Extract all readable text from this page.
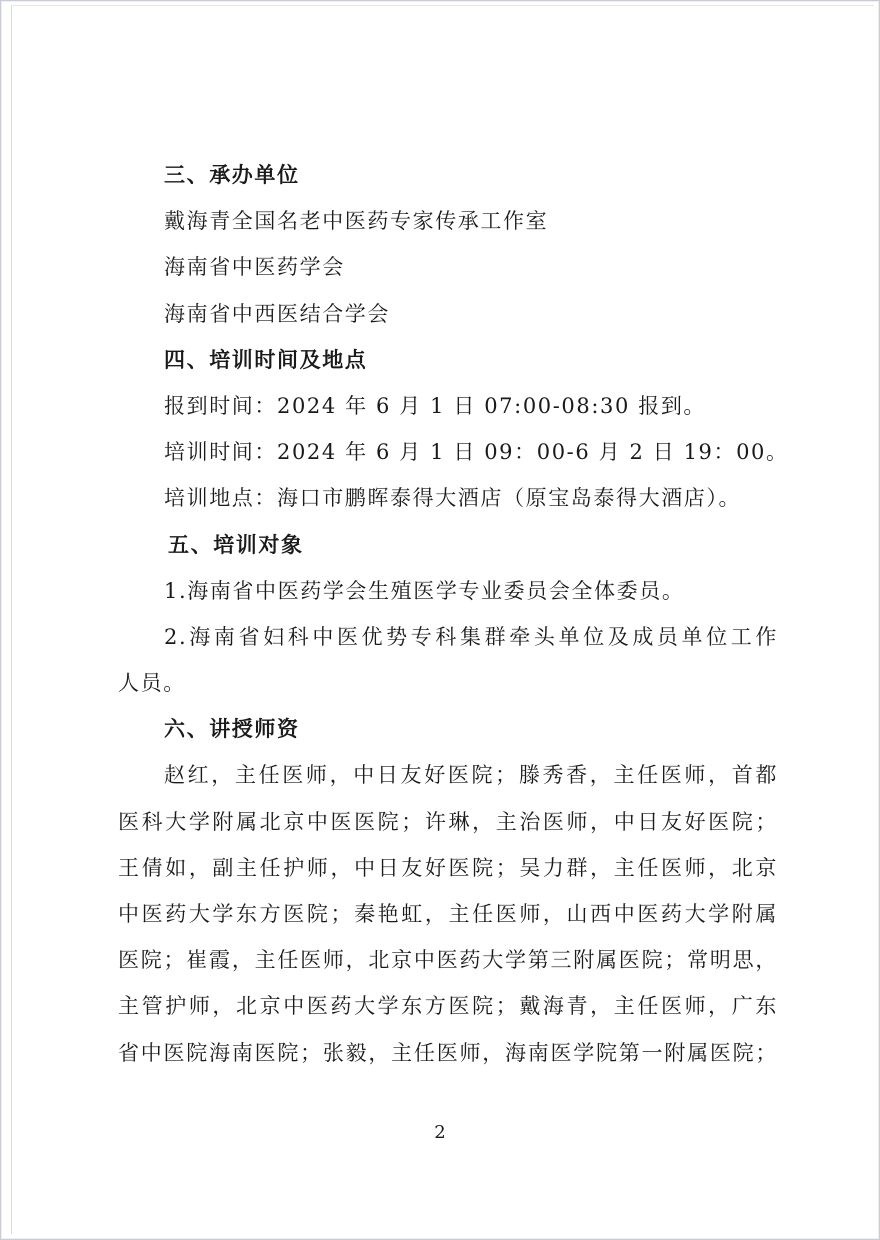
三、承办单位
戴海青全国名老中医药专家传承工作室
海南省中医药学会
海南省中西医结合学会
四、培训时间及地点
报到时间：2024 年 6 月 1 日 07:00-08:30 报到。
培训时间：2024 年 6 月 1 日 09：00-6 月 2 日 19：00。
培训地点：海口市鹏晖泰得大酒店（原宝岛泰得大酒店）。
五、培训对象
1.海南省中医药学会生殖医学专业委员会全体委员。
2.海南省妇科中医优势专科集群牵头单位及成员单位工作
人员。
六、讲授师资
赵红，主任医师，中日友好医院；滕秀香，主任医师，首都
医科大学附属北京中医医院；许琳，主治医师，中日友好医院；
王倩如，副主任护师，中日友好医院；吴力群，主任医师，北京
中医药大学东方医院；秦艳虹，主任医师，山西中医药大学附属
医院；崔霞，主任医师，北京中医药大学第三附属医院；常明思，
主管护师，北京中医药大学东方医院；戴海青，主任医师，广东
省中医院海南医院；张毅，主任医师，海南医学院第一附属医院；
2
